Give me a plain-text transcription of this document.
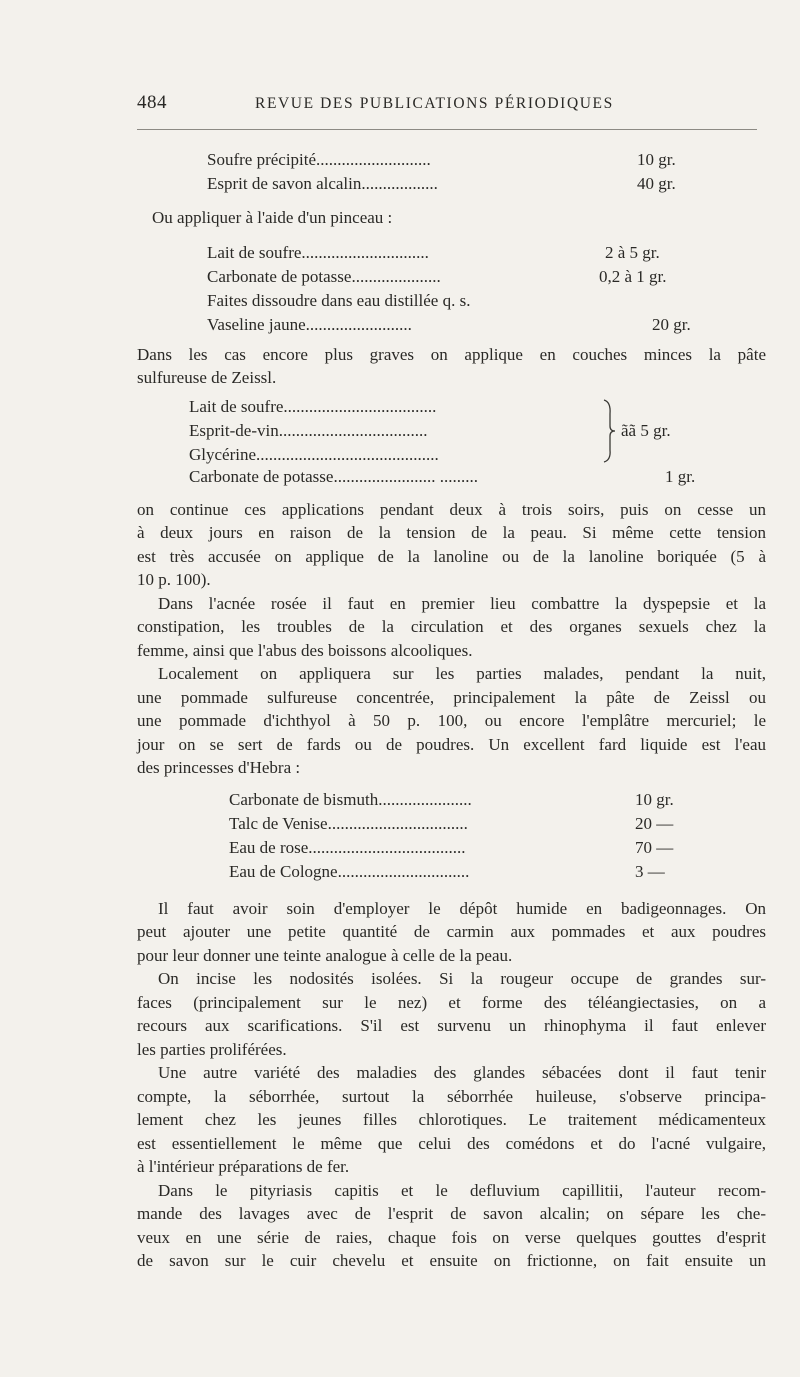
484	REVUE DES PUBLICATIONS PÉRIODIQUES
Soufre précipité...........................	10 gr.
Esprit de savon alcalin..................	40 gr.
Ou appliquer à l'aide d'un pinceau :
Lait de soufre..............................	2 à 5 gr.
Carbonate de potasse.....................	0,2 à 1 gr.
Faites dissoudre dans eau distillée q. s.
Vaseline jaune.........................	20 gr.
Dans les cas encore plus graves on applique en couches minces la pâte
sulfureuse de Zeissl.
Lait de soufre....................................
Esprit-de-vin...................................	ãã 5 gr.
Glycérine...........................................
Carbonate de potasse........................ .........	1 gr.
on continue ces applications pendant deux à trois soirs, puis on cesse un
à deux jours en raison de la tension de la peau. Si même cette tension
est très accusée on applique de la lanoline ou de la lanoline boriquée (5 à
10 p. 100).
Dans l'acnée rosée il faut en premier lieu combattre la dyspepsie et la
constipation, les troubles de la circulation et des organes sexuels chez la
femme, ainsi que l'abus des boissons alcooliques.
Localement on appliquera sur les parties malades, pendant la nuit,
une pommade sulfureuse concentrée, principalement la pâte de Zeissl ou
une pommade d'ichthyol à 50 p. 100, ou encore l'emplâtre mercuriel; le
jour on se sert de fards ou de poudres. Un excellent fard liquide est l'eau
des princesses d'Hebra :
Carbonate de bismuth......................	10 gr.
Talc de Venise.................................	20 —
Eau de rose.....................................	70 —
Eau de Cologne...............................	3 —
Il faut avoir soin d'employer le dépôt humide en badigeonnages. On
peut ajouter une petite quantité de carmin aux pommades et aux poudres
pour leur donner une teinte analogue à celle de la peau.
On incise les nodosités isolées. Si la rougeur occupe de grandes sur-
faces (principalement sur le nez) et forme des téléangiectasies, on a
recours aux scarifications. S'il est survenu un rhinophyma il faut enlever
les parties proliférées.
Une autre variété des maladies des glandes sébacées dont il faut tenir
compte, la séborrhée, surtout la séborrhée huileuse, s'observe principa-
lement chez les jeunes filles chlorotiques. Le traitement médicamenteux
est essentiellement le même que celui des comédons et do l'acné vulgaire,
à l'intérieur préparations de fer.
Dans le pityriasis capitis et le defluvium capillitii, l'auteur recom-
mande des lavages avec de l'esprit de savon alcalin; on sépare les che-
veux en une série de raies, chaque fois on verse quelques gouttes d'esprit
de savon sur le cuir chevelu et ensuite on frictionne, on fait ensuite un
